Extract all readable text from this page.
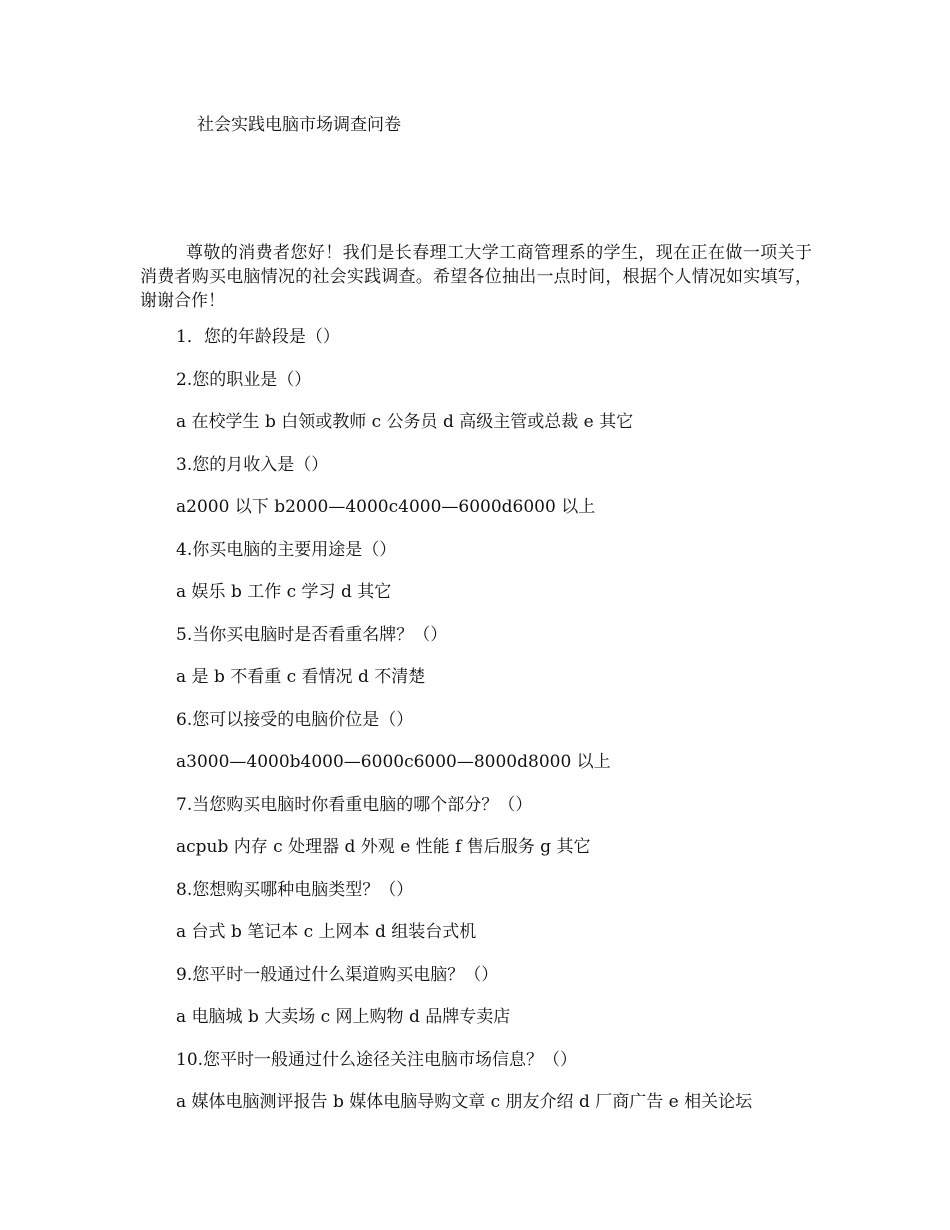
社会实践电脑市场调查问卷
尊敬的消费者您好！我们是长春理工大学工商管理系的学生，现在正在做一项关于消费者购买电脑情况的社会实践调查。希望各位抽出一点时间，根据个人情况如实填写，谢谢合作！
1．您的年龄段是（）
2.您的职业是（）
a 在校学生 b 白领或教师 c 公务员 d 高级主管或总裁 e 其它
3.您的月收入是（）
a2000 以下 b2000—4000c4000—6000d6000 以上
4.你买电脑的主要用途是（）
a 娱乐 b 工作 c 学习 d 其它
5.当你买电脑时是否看重名牌？（）
a 是 b 不看重 c 看情况 d 不清楚
6.您可以接受的电脑价位是（）
a3000—4000b4000—6000c6000—8000d8000 以上
7.当您购买电脑时你看重电脑的哪个部分？（）
acpub 内存 c 处理器 d 外观 e 性能 f 售后服务 g 其它
8.您想购买哪种电脑类型？（）
a 台式 b 笔记本 c 上网本 d 组装台式机
9.您平时一般通过什么渠道购买电脑？（）
a 电脑城 b 大卖场 c 网上购物 d 品牌专卖店
10.您平时一般通过什么途径关注电脑市场信息？（）
a 媒体电脑测评报告 b 媒体电脑导购文章 c 朋友介绍 d 厂商广告 e 相关论坛
